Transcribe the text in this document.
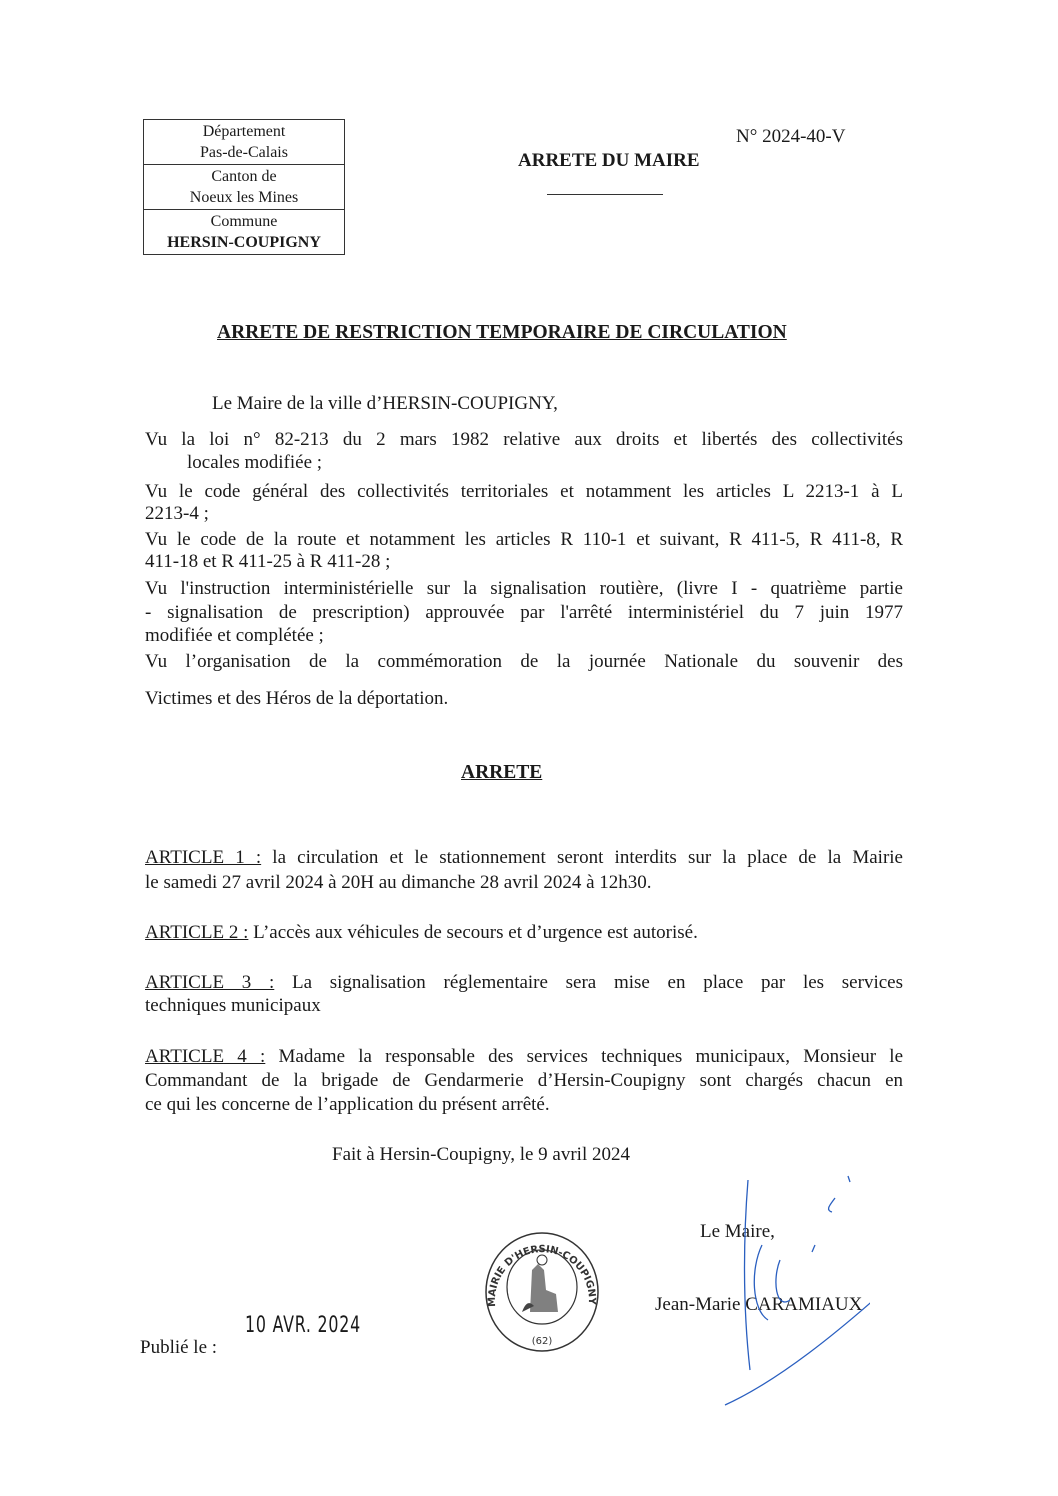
Département
Pas-de-Calais
Canton de
Noeux les Mines
Commune
HERSIN-COUPIGNY
N° 2024-40-V
ARRETE DU MAIRE
ARRETE DE RESTRICTION TEMPORAIRE DE CIRCULATION
Le Maire de la ville d’HERSIN-COUPIGNY,
Vu la loi n° 82-213 du 2 mars 1982 relative aux droits et libertés des collectivités
locales modifiée ;
Vu le code général des collectivités territoriales et notamment les articles L 2213-1 à L
2213-4 ;
Vu le code de la route et notamment les articles R 110-1 et suivant, R 411-5, R 411-8, R
411-18 et R 411-25 à R 411-28 ;
Vu l'instruction interministérielle sur la signalisation routière, (livre I - quatrième partie
- signalisation de prescription) approuvée par l'arrêté interministériel du 7 juin 1977
modifiée et complétée ;
Vu l’organisation de la commémoration de la journée Nationale du souvenir des
Victimes et des Héros de la déportation.
ARRETE
ARTICLE 1 : la circulation et le stationnement seront interdits sur la place de la Mairie
le samedi 27 avril 2024 à 20H au dimanche 28 avril 2024 à 12h30.
ARTICLE 2 : L’accès aux véhicules de secours et d’urgence est autorisé.
ARTICLE 3 : La signalisation réglementaire sera mise en place par les services
techniques municipaux
ARTICLE 4 : Madame la responsable des services techniques municipaux, Monsieur le
Commandant de la brigade de Gendarmerie d’Hersin-Coupigny sont chargés chacun en
ce qui les concerne de l’application du présent arrêté.
Fait à Hersin-Coupigny, le 9 avril 2024
Le Maire,
Jean-Marie CARAMIAUX
Publié le :
10 AVR. 2024
MAIRIE D'HERSIN-COUPIGNY
(62)
